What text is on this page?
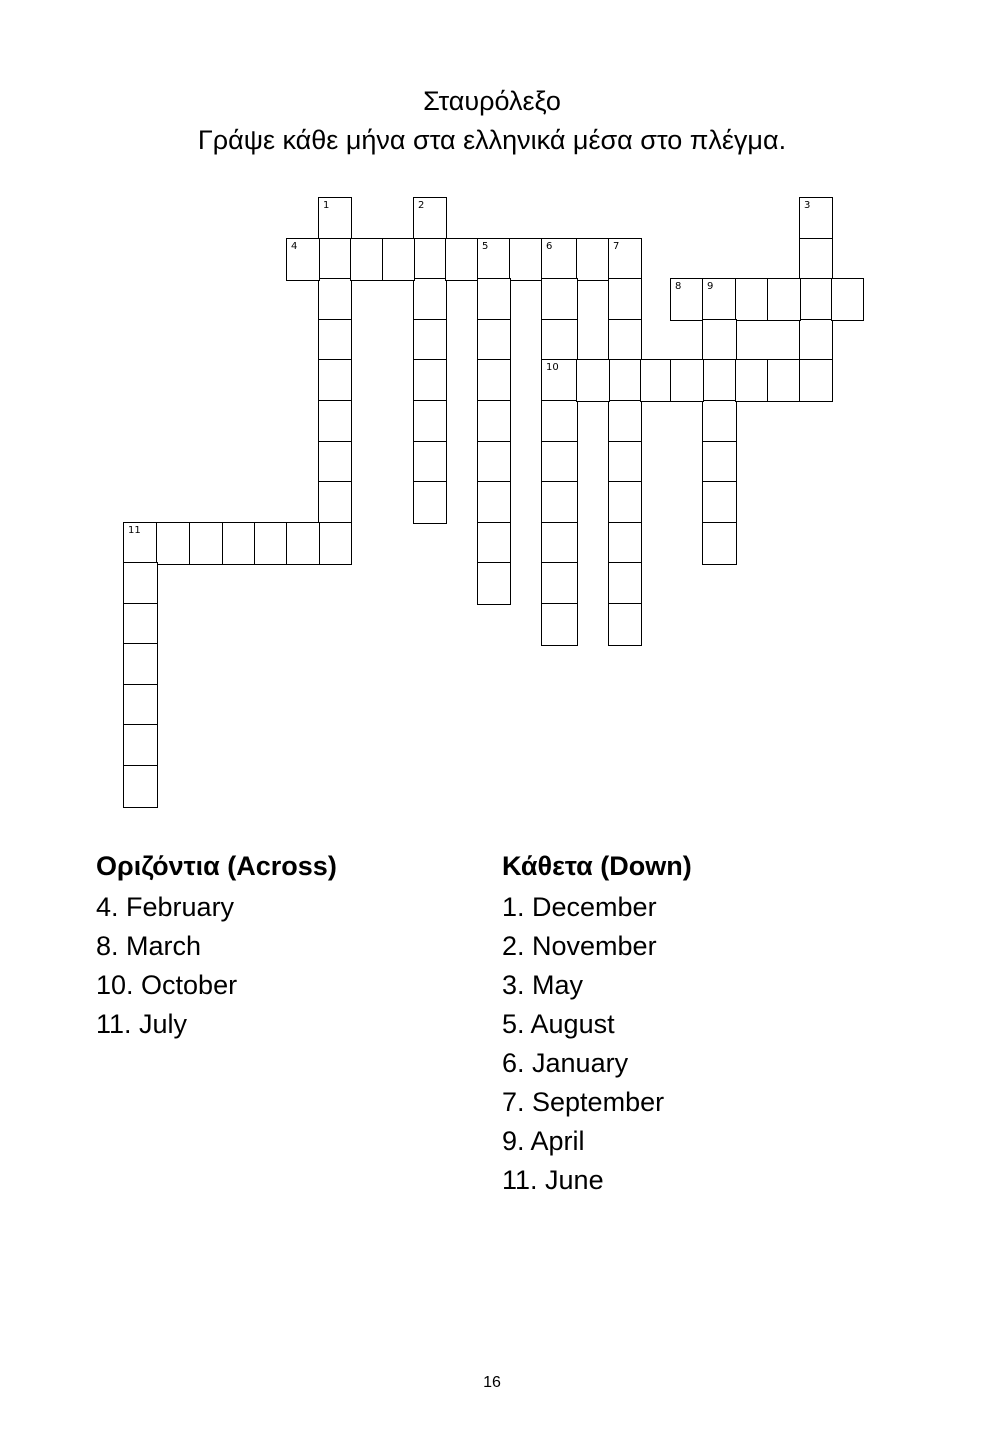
Σταυρόλεξο
Γράψε κάθε μήνα στα ελληνικά μέσα στο πλέγμα.
1	2	3
4	5	6	7
10
8	9
11
Οριζόντια (Across)
4. February
8. March
10. October
11. July
Κάθετα (Down)
1. December
2. November
3. May
5. August
6. January
7. September
9. April
11. June
16
